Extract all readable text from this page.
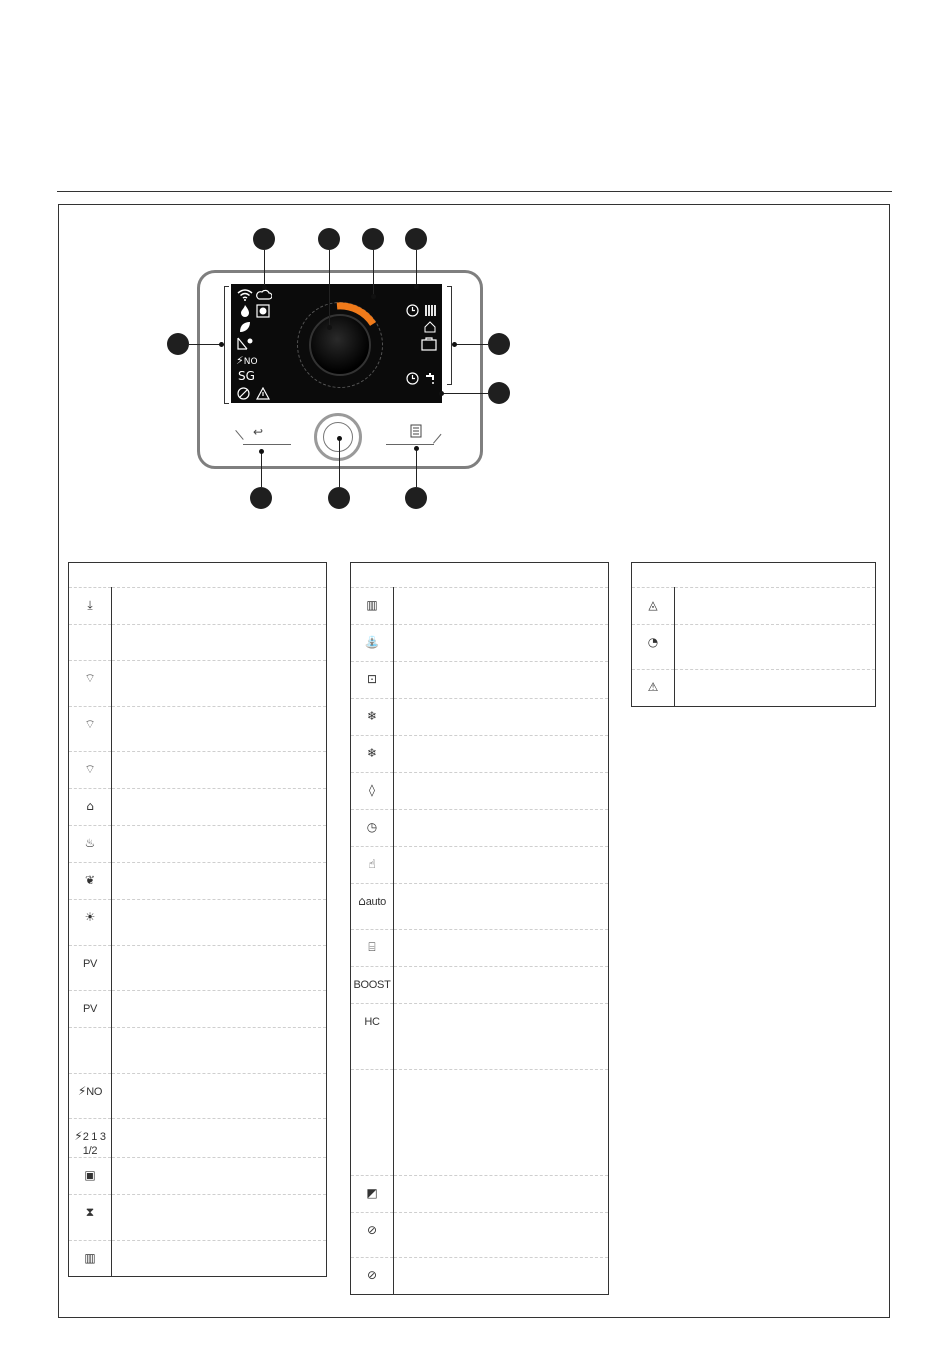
⚡NO
SG
↩

⤓	

⌔	
⌔	
⌔	
⌂	
♨	
❦	
☀	
PV	
PV	

⚡NO	
⚡2 1 3 1/2	
▣	
⧗	
▥	

▥	
⛲	
⊡	
❄	
❄	
◊	
◷	
☝	
⌂auto	
⌸	
BOOST	
HC	

◩	
⊘	
⊘	

◬	
◔	
⚠	
